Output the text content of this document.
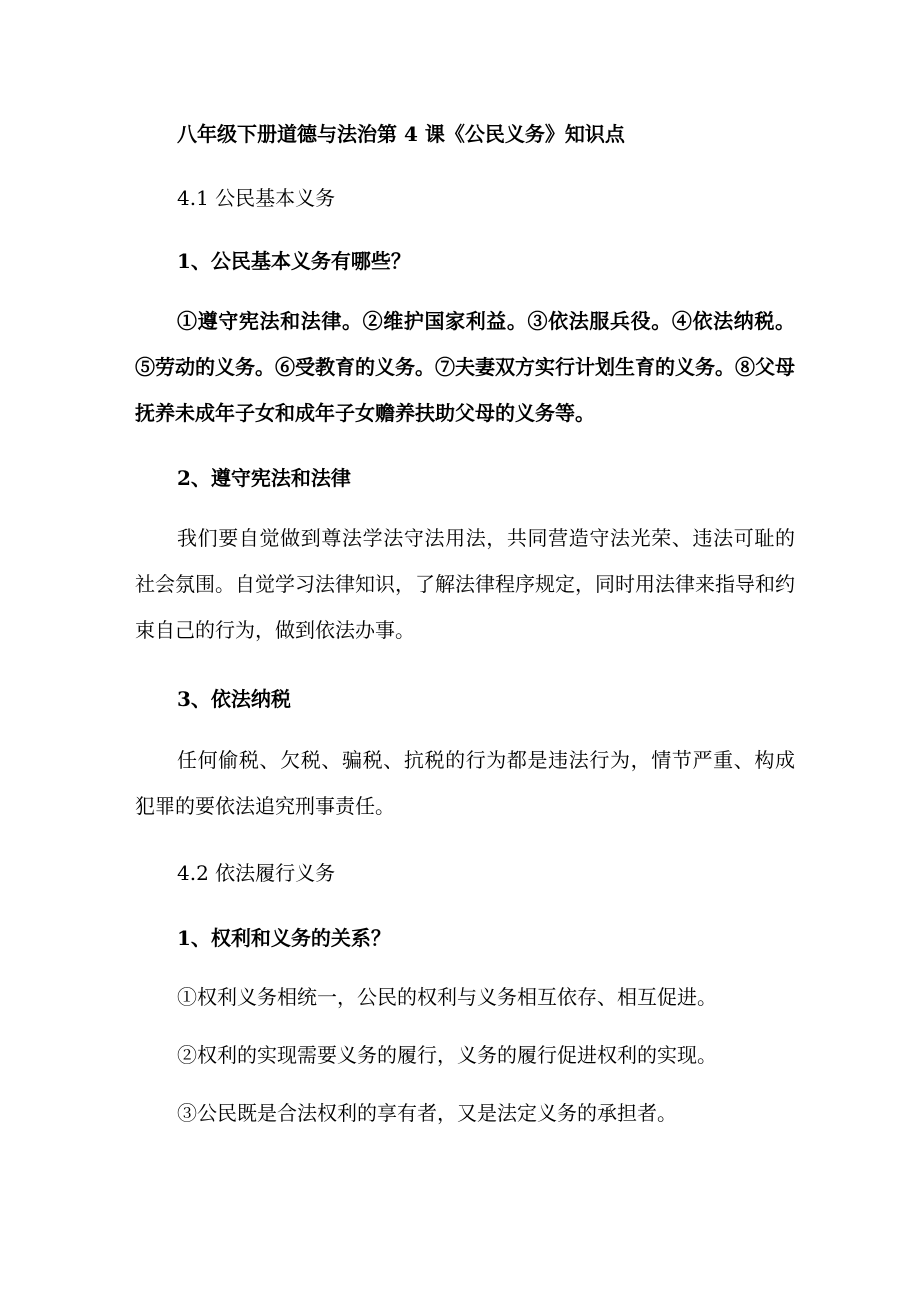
八年级下册道德与法治第 4 课《公民义务》知识点

4.1 公民基本义务

1、公民基本义务有哪些？

①遵守宪法和法律。②维护国家利益。③依法服兵役。④依法纳税。⑤劳动的义务。⑥受教育的义务。⑦夫妻双方实行计划生育的义务。⑧父母抚养未成年子女和成年子女赡养扶助父母的义务等。

2、遵守宪法和法律

我们要自觉做到尊法学法守法用法，共同营造守法光荣、违法可耻的社会氛围。自觉学习法律知识，了解法律程序规定，同时用法律来指导和约束自己的行为，做到依法办事。

3、依法纳税

任何偷税、欠税、骗税、抗税的行为都是违法行为，情节严重、构成犯罪的要依法追究刑事责任。

4.2 依法履行义务

1、权利和义务的关系？

①权利义务相统一，公民的权利与义务相互依存、相互促进。

②权利的实现需要义务的履行，义务的履行促进权利的实现。

③公民既是合法权利的享有者，又是法定义务的承担者。
